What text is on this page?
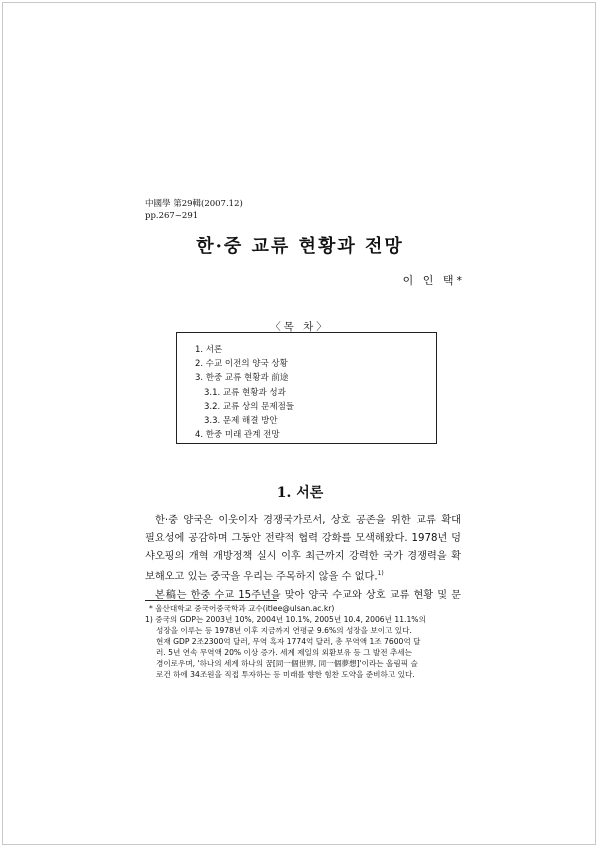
中國學 第29輯(2007.12)
pp.267~291
한·중 교류 현황과 전망
이 인 택*
〈목 차〉
1. 서론
2. 수교 이전의 양국 상황
3. 한중 교류 현황과 前途
3.1. 교류 현황과 성과
3.2. 교류 상의 문제점들
3.3. 문제 해결 방안
4. 한중 미래 관계 전망
1. 서론
한·중 양국은 이웃이자 경쟁국가로서, 상호 공존을 위한 교류 확대
필요성에 공감하며 그동안 전략적 협력 강화를 모색해왔다. 1978년 덩
샤오핑의 개혁 개방정책 실시 이후 최근까지 강력한 국가 경쟁력을 확
보해오고 있는 중국을 우리는 주목하지 않을 수 없다.$^{1)}$
본稿는 한중 수교 15주년을 맞아 양국 수교와 상호 교류 현황 및 문
* 울산대학교 중국어중국학과 교수(itlee@ulsan.ac.kr)
1) 중국의 GDP는 2003년 10%, 2004년 10.1%, 2005년 10.4, 2006년 11.1%의
성장을 이루는 등 1978년 이후 지금까지 연평균 9.6%의 성장을 보이고 있다.
현재 GDP 2조2300억 달러, 무역 흑자 1774억 달러, 총 무역액 1조 7600억 달
러. 5년 연속 무역액 20% 이상 증가. 세계 제일의 외환보유 등 그 발전 추세는
경이로우며, '하나의 세계 하나의 꿈[同一個世界, 同一個夢想]'이라는 올림픽 슬
로건 하에 34조원을 직접 투자하는 등 미래를 향한 힘찬 도약을 준비하고 있다.
